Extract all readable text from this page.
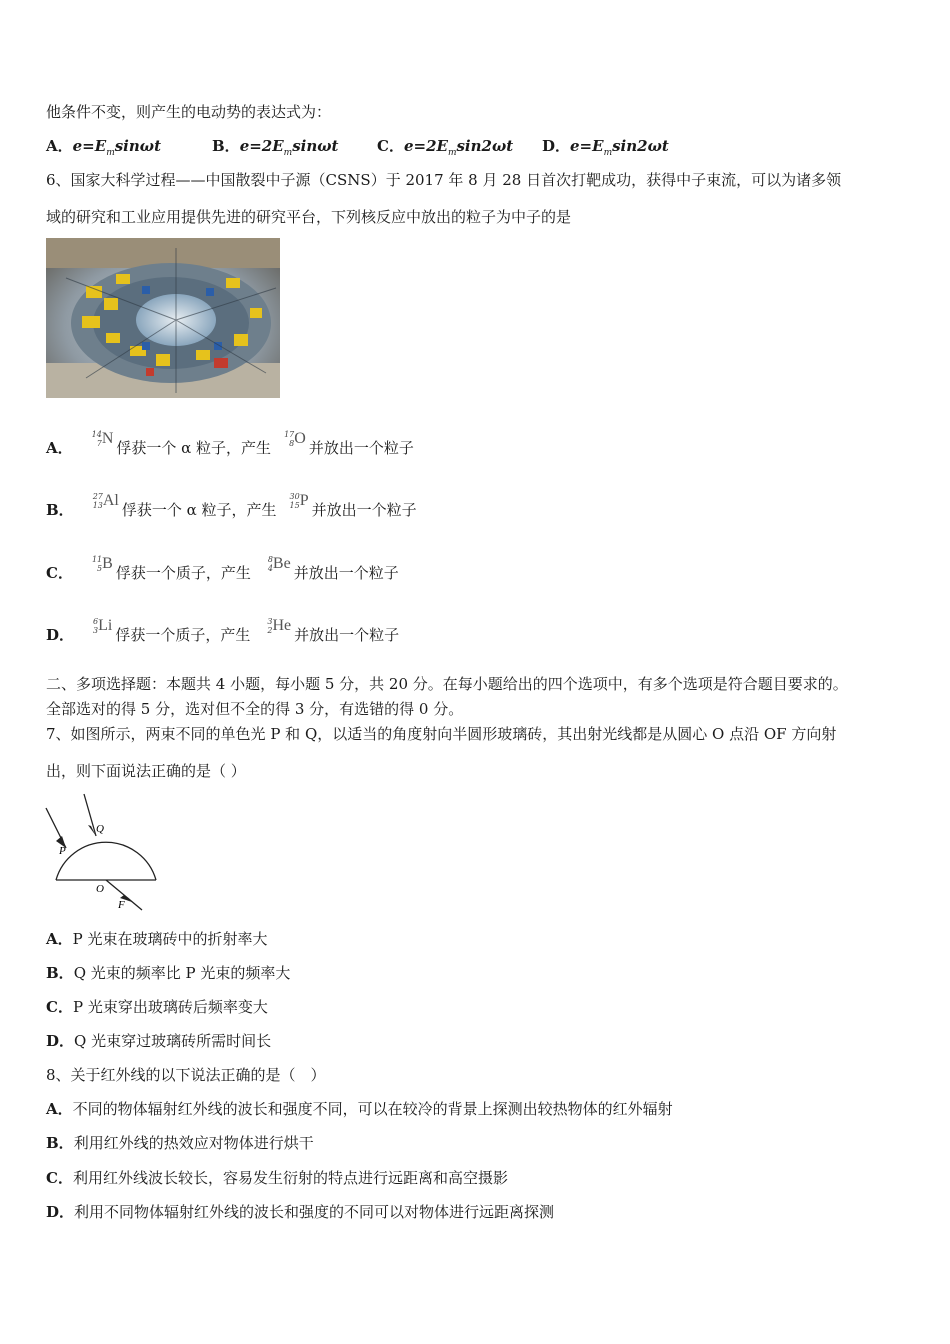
他条件不变，则产生的电动势的表达式为：
A．$e=E_m\sin\omega t$	B．$e=2E_m\sin\omega t$	C．$e=2E_m\sin 2\omega t$ D．$e=E_m\sin 2\omega t$
6、国家大科学过程——中国散裂中子源（CSNS）于 2017 年 8 月 28 日首次打靶成功，获得中子束流，可以为诸多领
域的研究和工业应用提供先进的研究平台，下列核反应中放出的粒子为中子的是
A．
14
7 N
俘获一个 α 粒子，产生
17
8 O
并放出一个粒子
B．
27
13 Al
俘获一个 α 粒子，产生
30
15 P
并放出一个粒子
C．
11
5 B
俘获一个质子，产生
8
4 Be
并放出一个粒子
D．
6
3 Li
俘获一个质子，产生
3
2 He
并放出一个粒子
二、多项选择题：本题共 4 小题，每小题 5 分，共 20 分。在每小题给出的四个选项中，有多个选项是符合题目要求的。
全部选对的得 5 分，选对但不全的得 3 分，有选错的得 0 分。
7、如图所示，两束不同的单色光 P 和 Q，以适当的角度射向半圆形玻璃砖，其出射光线都是从圆心 O 点沿 OF 方向射
出，则下面说法正确的是（ ）
P
Q
O
F
A．P 光束在玻璃砖中的折射率大
B．Q 光束的频率比 P 光束的频率大
C．P 光束穿出玻璃砖后频率变大
D．Q 光束穿过玻璃砖所需时间长
8、关于红外线的以下说法正确的是（　）
A．不同的物体辐射红外线的波长和强度不同，可以在较冷的背景上探测出较热物体的红外辐射
B．利用红外线的热效应对物体进行烘干
C．利用红外线波长较长，容易发生衍射的特点进行远距离和高空摄影
D．利用不同物体辐射红外线的波长和强度的不同可以对物体进行远距离探测
